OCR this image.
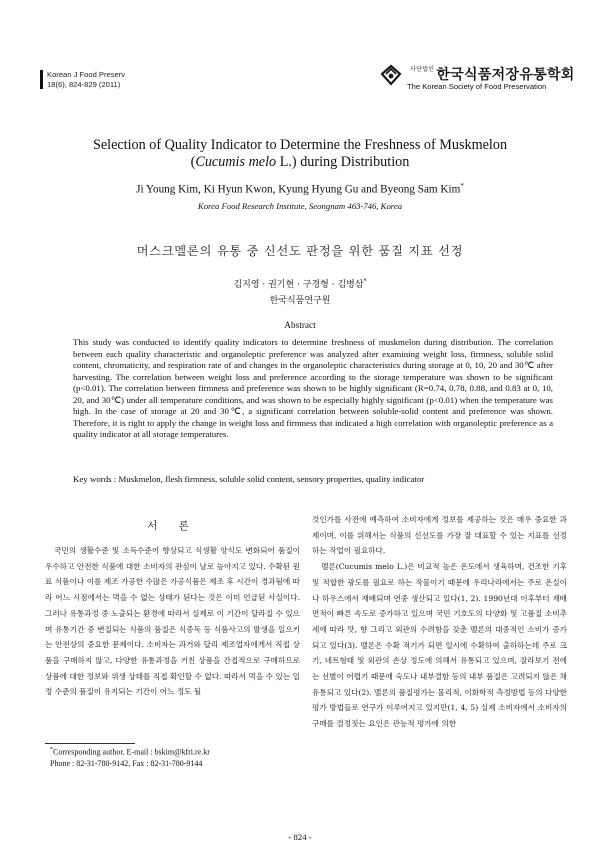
Korean J Food Preserv
18(6), 824-829 (2011)
$^{사단법인}$ 한국식품저장유통학회
The Korean Society of Food Preservation
Selection of Quality Indicator to Determine the Freshness of Muskmelon
(Cucumis melo L.) during Distribution
Ji Young Kim, Ki Hyun Kwon, Kyung Hyung Gu and Byeong Sam Kim*
Korea Food Research Institute, Seongnam 463-746, Korea
머스크멜론의 유통 중 신선도 판정을 위한 품질 지표 선정
김지영 · 권기현 · 구경형 · 김병삼*
한국식품연구원
Abstract
This study was conducted to identify quality indicators to determine freshness of muskmelon during distribution. The correlation between each quality characteristic and organoleptic preference was analyzed after examining weight loss, firmness, soluble solid content, chromaticity, and respiration rate of and changes in the organoleptic characteristics during storage at 0, 10, 20 and 30℃ after harvesting. The correlation between weight loss and preference according to the storage temperature was shown to be significant (p<0.01). The correlation between firmness and preference was shown to be highly significant (R=0.74, 0.78, 0.88, and 0.83 at 0, 10, 20, and 30℃) under all temperature conditions, and was shown to be especially highly significant (p<0.01) when the temperature was high. In the case of storage at 20 and 30℃, a significant correlation between soluble-solid content and preference was shown. Therefore, it is right to apply the change in weight loss and firmness that indicated a high correlation with organoleptic preference as a quality indicator at all storage temperatures.
Key words : Muskmelon, flesh firmness, soluble solid content, sensory properties, quality indicator
서 론

국민의 생활수준 및 소득수준이 향상되고 식생활 양식도 변화되어 품질이 우수하고 안전한 식품에 대한 소비자의 관심이 날로 높아지고 있다. 수확된 원료 식품이나 이를 제조 가공한 수많은 가공식품은 제조 후 시간이 경과됨에 따라 어느 시점에서는 먹을 수 없는 상태가 된다는 것은 이미 언급된 사실이다. 그러나 유통과정 중 노출되는 환경에 따라서 실제로 이 기간이 달라질 수 있으며 유통기간 중 변질되는 식품의 품질은 식중독 등 식품사고의 발생을 일으키는 안전상의 중요한 문제이다. 소비자는 과거와 달리 제조업자에게서 직접 상품을 구매하지 않고, 다양한 유통과정을 거친 상품을 간접적으로 구매하므로 상품에 대한 정보와 위생 상태를 직접 확인할 수 없다. 따라서 먹을 수 있는 일정 수준의 품질이 유지되는 기간이 어느 정도 될

것인가를 사전에 예측하여 소비자에게 정보를 제공하는 것은 매우 중요한 과제이며, 이를 위해서는 식품의 신선도를 가장 잘 대표할 수 있는 지표를 선정하는 작업이 필요하다.

멜론(Cucumis melo L.)은 비교적 높은 온도에서 생육하며, 건조한 기후 및 적합한 광도를 필요로 하는 작물이기 때문에 우리나라에서는 주로 온실이나 하우스에서 재배되며 연중 생산되고 있다(1, 2). 1990년대 이후부터 재배면적이 빠른 속도로 증가하고 있으며 국민 기호도의 다양화 및 고품질 소비추세에 따라 맛, 향 그리고 외관의 수려함을 갖춘 멜론의 대중적인 소비가 증가되고 있다(3). 멜론은 수확 적기가 되면 일시에 수확하여 출하하는데 주로 크기, 네트형태 및 외관의 손상 정도에 의해서 유통되고 있으며, 잘라보기 전에는 선별이 어렵기 때문에 숙도나 내부결함 등의 내부 품질은 고려되지 않은 채 유통되고 있다(2). 멜론의 품질평가는 물리적, 이화학적 측정방법 등의 다양한 평가 방법들로 연구가 이루어지고 있지만(1, 4, 5) 실제 소비자에서 소비자의 구매를 결정짓는 요인은 관능적 평가에 의한

*Corresponding author. E-mail : bskim@kfri.re.kr
Phone : 82-31-780-9142, Fax : 82-31-780-9144
- 824 -
